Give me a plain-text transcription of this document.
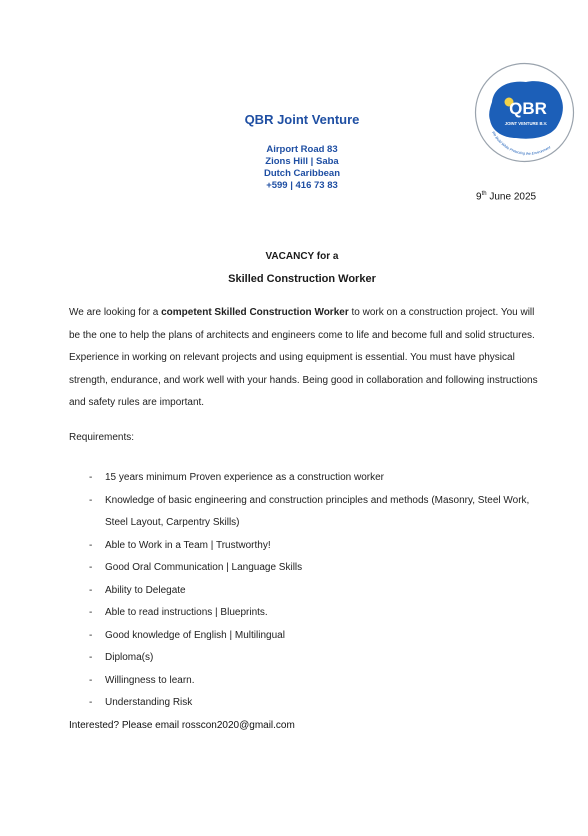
QBR Joint Venture
Airport Road 83
Zions Hill | Saba
Dutch Caribbean
+599 | 416 73 83
QBR
JOINT VENTURE B.V.
We Build While Protecting the Environment
9th June 2025
VACANCY for a
Skilled Construction Worker

We are looking for a competent Skilled Construction Worker to work on a construction project. You will be the one to help the plans of architects and engineers come to life and become full and solid structures. Experience in working on relevant projects and using equipment is essential. You must have physical strength, endurance, and work well with your hands. Being good in collaboration and following instructions and safety rules are important.

Requirements:
- 15 years minimum Proven experience as a construction worker
- Knowledge of basic engineering and construction principles and methods (Masonry, Steel Work, Steel Layout, Carpentry Skills)
- Able to Work in a Team | Trustworthy!
- Good Oral Communication | Language Skills
- Ability to Delegate
- Able to read instructions | Blueprints.
- Good knowledge of English | Multilingual
- Diploma(s)
- Willingness to learn.
- Understanding Risk
Interested? Please email rosscon2020@gmail.com
